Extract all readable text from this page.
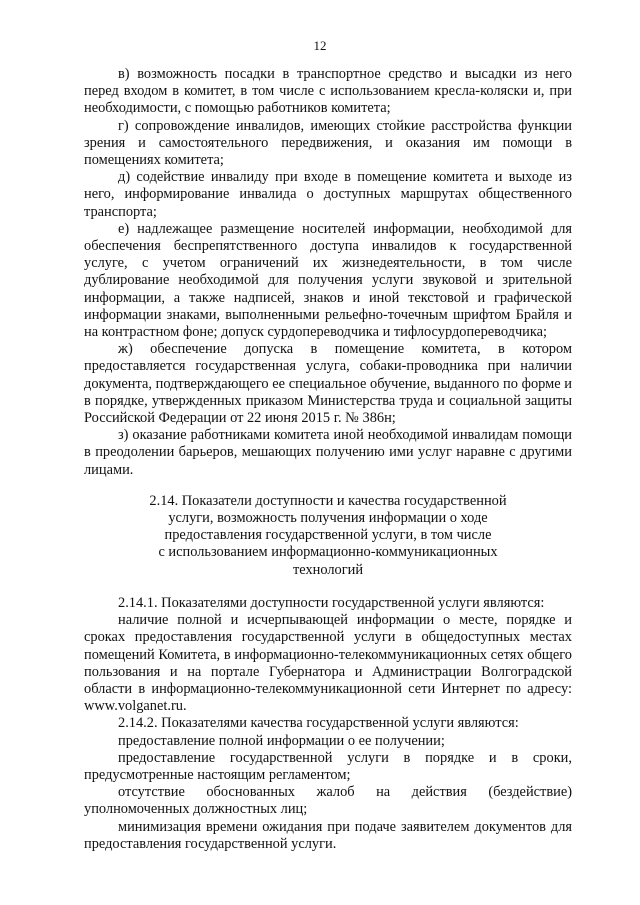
12

в) возможность посадки в транспортное средство и высадки из него перед входом в комитет, в том числе с использованием кресла-коляски и, при необходимости, с помощью работников комитета;

г) сопровождение инвалидов, имеющих стойкие расстройства функции зрения и самостоятельного передвижения, и оказания им помощи в помещениях комитета;

д) содействие инвалиду при входе в помещение комитета и выходе из него, информирование инвалида о доступных маршрутах общественного транспорта;

е) надлежащее размещение носителей информации, необходимой для обеспечения беспрепятственного доступа инвалидов к государственной услуге, с учетом ограничений их жизнедеятельности, в том числе дублирование необходимой для получения услуги звуковой и зрительной информации, а также надписей, знаков и иной текстовой и графической информации знаками, выполненными рельефно-точечным шрифтом Брайля и на контрастном фоне; допуск сурдопереводчика и тифлосурдопереводчика;

ж) обеспечение допуска в помещение комитета, в котором предоставляется государственная услуга, собаки-проводника при наличии документа, подтверждающего ее специальное обучение, выданного по форме и в порядке, утвержденных приказом Министерства труда и социальной защиты Российской Федерации от 22 июня 2015 г. № 386н;

з) оказание работниками комитета иной необходимой инвалидам помощи в преодолении барьеров, мешающих получению ими услуг наравне с другими лицами.

2.14. Показатели доступности и качества государственной
услуги, возможность получения информации о ходе
предоставления государственной услуги, в том числе
с использованием информационно-коммуникационных технологий

2.14.1. Показателями доступности государственной услуги являются:

наличие полной и исчерпывающей информации о месте, порядке и сроках предоставления государственной услуги в общедоступных местах помещений Комитета, в информационно-телекоммуникационных сетях общего пользования и на портале Губернатора и Администрации Волгоградской области в информационно-телекоммуникационной сети Интернет по адресу: www.volganet.ru.

2.14.2. Показателями качества государственной услуги являются:

предоставление полной информации о ее получении;

предоставление государственной услуги в порядке и в сроки, предусмотренные настоящим регламентом;

отсутствие обоснованных жалоб на действия (бездействие) уполномоченных должностных лиц;

минимизация времени ожидания при подаче заявителем документов для предоставления государственной услуги.
